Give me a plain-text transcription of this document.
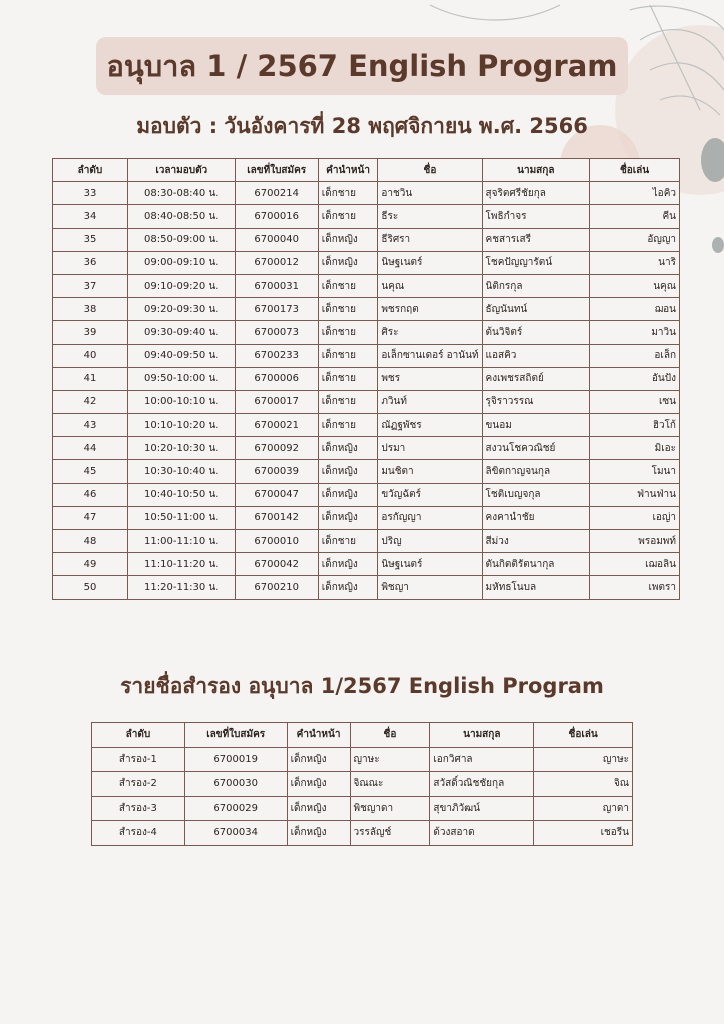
อนุบาล 1 / 2567 English Program
มอบตัว : วันอังคารที่ 28 พฤศจิกายน พ.ศ. 2566
ลำดับ	เวลามอบตัว	เลขที่ใบสมัคร	คำนำหน้า	ชื่อ	นามสกุล	ชื่อเล่น
33	08:30-08:40 น.	6700214	เด็กชาย	อาชวิน	สุจริตศรีชัยกุล	ไอคิว
34	08:40-08:50 น.	6700016	เด็กชาย	ธีระ	โพธิกำจร	คีน
35	08:50-09:00 น.	6700040	เด็กหญิง	ธีริศรา	คชสารเสรี	อัญญา
36	09:00-09:10 น.	6700012	เด็กหญิง	นิษฐเนตร์	โชคปัญญารัตน์	นาริ
37	09:10-09:20 น.	6700031	เด็กชาย	นคุณ	นิติกรกุล	นคุณ
38	09:20-09:30 น.	6700173	เด็กชาย	พชรกฤต	ธัญนันทน์	ฌอน
39	09:30-09:40 น.	6700073	เด็กชาย	ศิระ	ต้นวิจิตร์	มาวิน
40	09:40-09:50 น.	6700233	เด็กชาย	อเล็กซานเดอร์ อานันท์	แอสคิว	อเล็ก
41	09:50-10:00 น.	6700006	เด็กชาย	พชร	คงเพชรสถิตย์	อันปัง
42	10:00-10:10 น.	6700017	เด็กชาย	ภวินท์	รุจิราวรรณ	เซน
43	10:10-10:20 น.	6700021	เด็กชาย	ณัฏฐพัชร	ขนอม	ฮิวโก้
44	10:20-10:30 น.	6700092	เด็กหญิง	ปรมา	สงวนโชควณิชย์	มิเอะ
45	10:30-10:40 น.	6700039	เด็กหญิง	มนชิตา	ลิขิตกาญจนกุล	โมนา
46	10:40-10:50 น.	6700047	เด็กหญิง	ขวัญฉัตร์	โชติเบญจกุล	ฟ่านฟ่าน
47	10:50-11:00 น.	6700142	เด็กหญิง	อรกัญญา	คงคานำชัย	เอญ่า
48	11:00-11:10 น.	6700010	เด็กชาย	ปริญ	สีม่วง	พรอมพท์
49	11:10-11:20 น.	6700042	เด็กหญิง	นิษฐเนตร์	ตันกิตติรัตนากุล	เฌอลิน
50	11:20-11:30 น.	6700210	เด็กหญิง	พิชญา	มหัทธโนบล	เพตรา
รายชื่อสำรอง อนุบาล 1/2567 English Program
ลำดับ	เลขที่ใบสมัคร	คำนำหน้า	ชื่อ	นามสกุล	ชื่อเล่น
สำรอง-1	6700019	เด็กหญิง	ญาษะ	เอกวิศาล	ญาษะ
สำรอง-2	6700030	เด็กหญิง	จิณณะ	สวัสดิ์วณิชชัยกุล	จิณ
สำรอง-3	6700029	เด็กหญิง	พิชญาดา	สุขาภิวัฒน์	ญาดา
สำรอง-4	6700034	เด็กหญิง	วรรลัญช์	ด้วงสอาด	เชอรีน
